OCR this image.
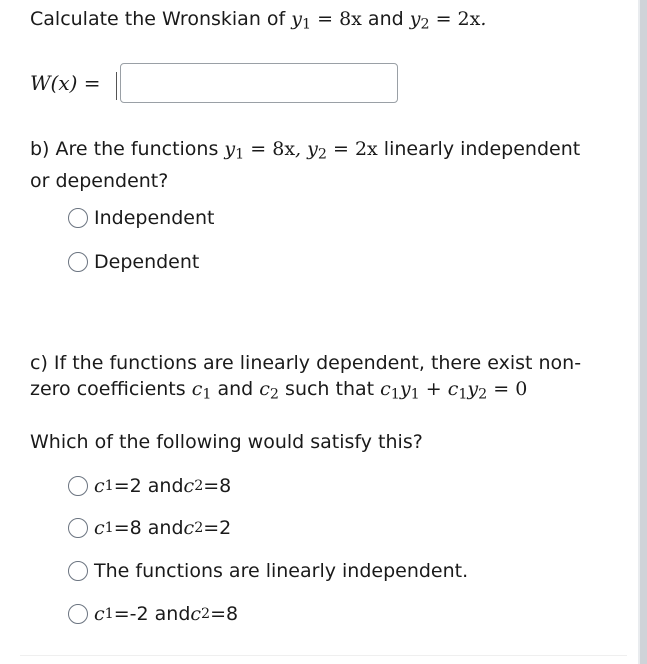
Calculate the Wronskian of $y_1 = 8x$ and $y_2 = 2x$.
W(x) =
b) Are the functions $y_1 = 8x$, $y_2 = 2x$ linearly independent
or dependent?
Independent
Dependent
c) If the functions are linearly dependent, there exist non-
zero coefficients $c_1$ and $c_2$ such that $c_1y_1 + c_1y_2 = 0$
Which of the following would satisfy this?
c 1 =2 and c 2 =8
c 1 =8 and c 2 =2
The functions are linearly independent.
c 1 =-2 and c 2 =8
